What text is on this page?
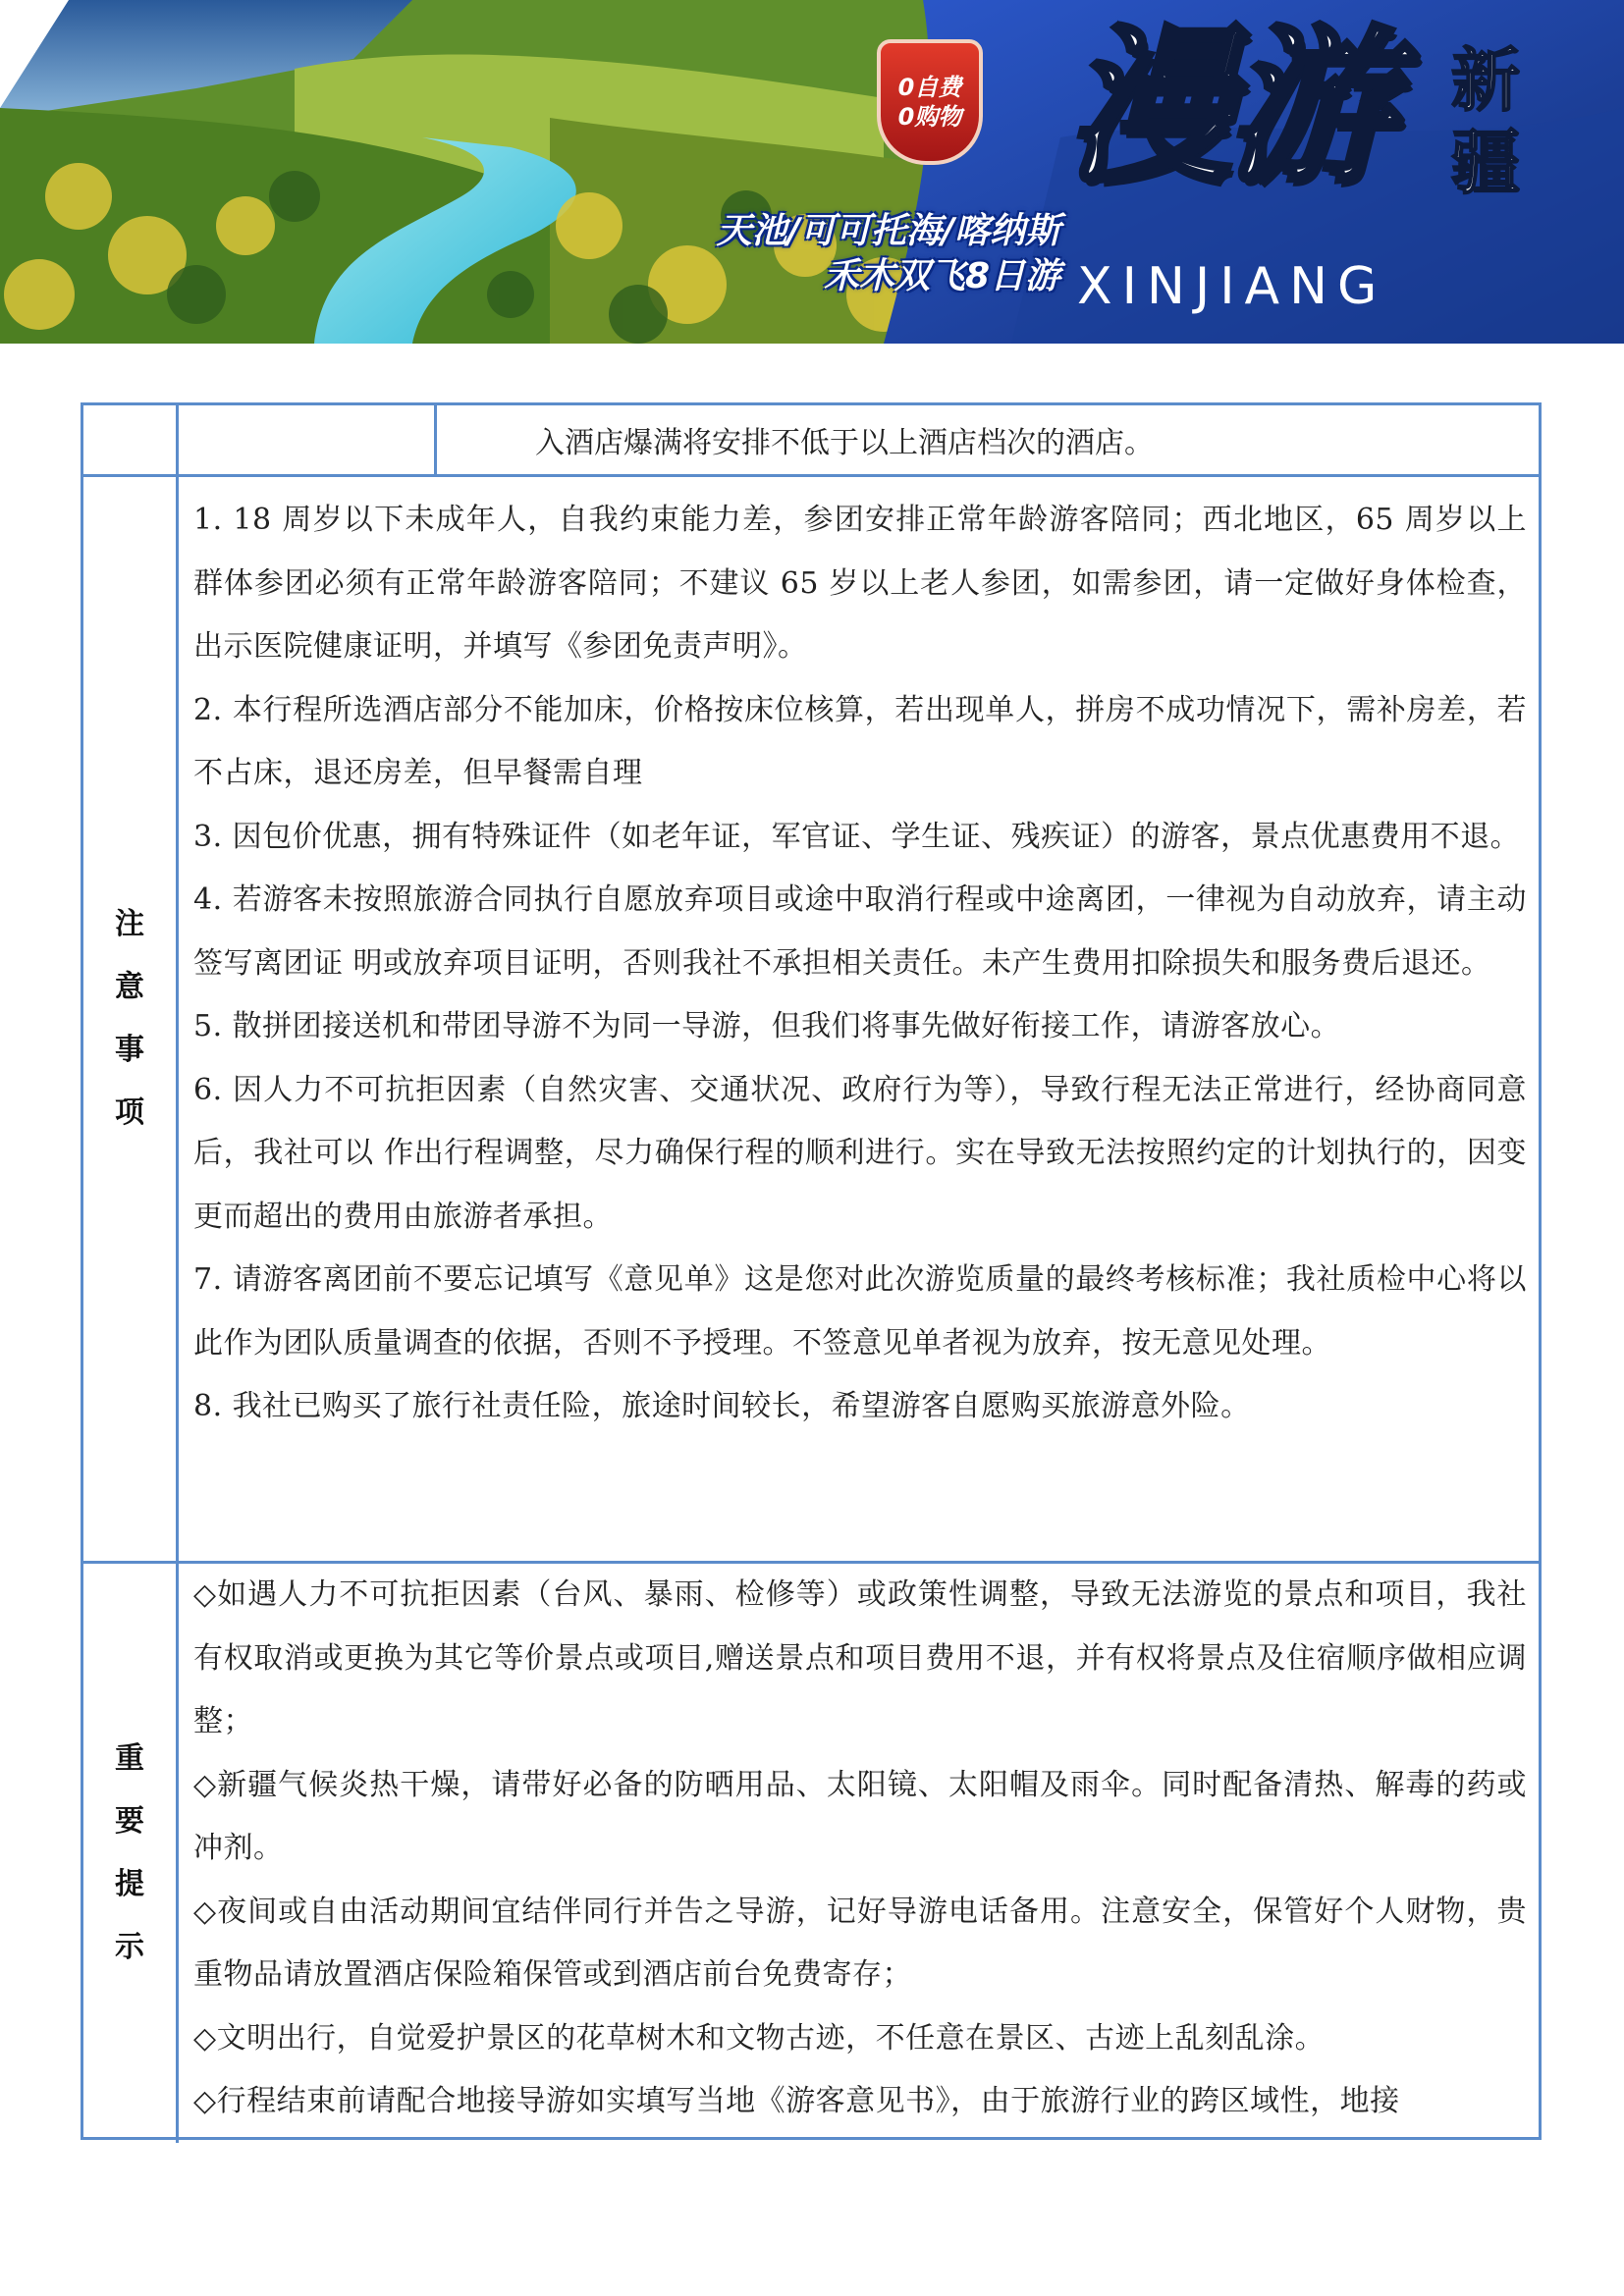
0自费
0购物
天池/可可托海/喀纳斯
禾木双飞8日游
漫游 新
疆
XINJIANG
入酒店爆满将安排不低于以上酒店档次的酒店。
注
意
事
项

1. 18 周岁以下未成年人，自我约束能力差，参团安排正常年龄游客陪同；西北地区，65 周岁以上群体参团必须有正常年龄游客陪同；不建议 65 岁以上老人参团，如需参团，请一定做好身体检查，出示医院健康证明，并填写《参团免责声明》。

2. 本行程所选酒店部分不能加床，价格按床位核算，若出现单人，拼房不成功情况下，需补房差，若不占床，退还房差，但早餐需自理

3. 因包价优惠，拥有特殊证件（如老年证，军官证、学生证、残疾证）的游客，景点优惠费用不退。

4. 若游客未按照旅游合同执行自愿放弃项目或途中取消行程或中途离团，一律视为自动放弃，请主动签写离团证 明或放弃项目证明，否则我社不承担相关责任。未产生费用扣除损失和服务费后退还。

5. 散拼团接送机和带团导游不为同一导游，但我们将事先做好衔接工作，请游客放心。

6. 因人力不可抗拒因素（自然灾害、交通状况、政府行为等），导致行程无法正常进行，经协商同意后，我社可以 作出行程调整，尽力确保行程的顺利进行。实在导致无法按照约定的计划执行的，因变更而超出的费用由旅游者承担。

7. 请游客离团前不要忘记填写《意见单》这是您对此次游览质量的最终考核标准；我社质检中心将以此作为团队质量调查的依据，否则不予授理。不签意见单者视为放弃，按无意见处理。

8. 我社已购买了旅行社责任险，旅途时间较长，希望游客自愿购买旅游意外险。

重
要
提
示

◇如遇人力不可抗拒因素（台风、暴雨、检修等）或政策性调整，导致无法游览的景点和项目，我社有权取消或更换为其它等价景点或项目,赠送景点和项目费用不退，并有权将景点及住宿顺序做相应调整；

◇新疆气候炎热干燥，请带好必备的防晒用品、太阳镜、太阳帽及雨伞。同时配备清热、解毒的药或冲剂。

◇夜间或自由活动期间宜结伴同行并告之导游，记好导游电话备用。注意安全，保管好个人财物，贵重物品请放置酒店保险箱保管或到酒店前台免费寄存；

◇文明出行，自觉爱护景区的花草树木和文物古迹，不任意在景区、古迹上乱刻乱涂。

◇行程结束前请配合地接导游如实填写当地《游客意见书》，由于旅游行业的跨区域性，地接
